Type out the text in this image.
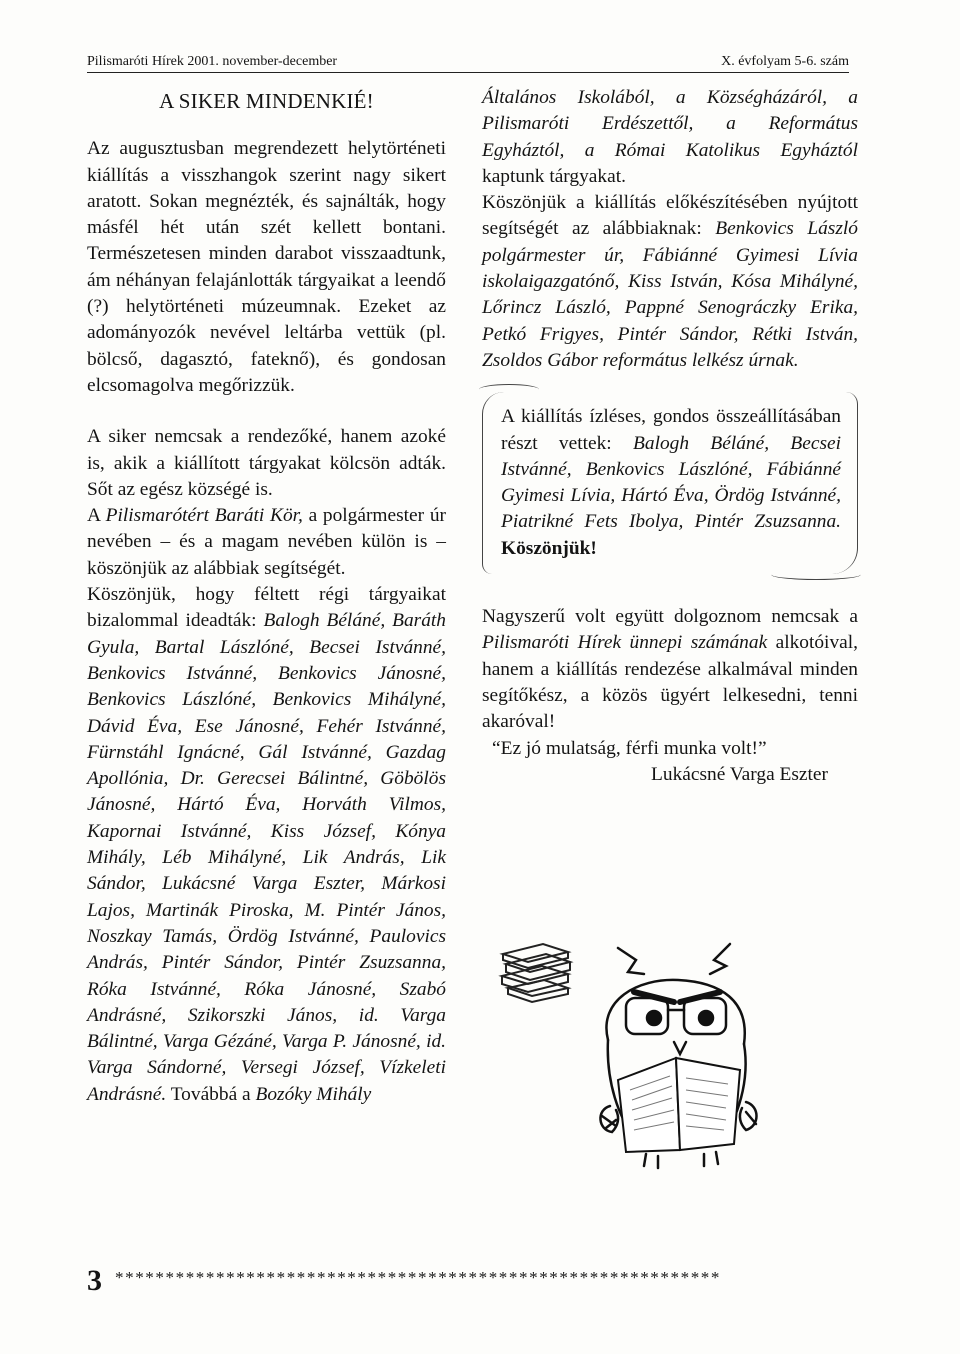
Pilismaróti Hírek 2001. november-december	X. évfolyam 5-6. szám
A SIKER MINDENKIÉ!

Az augusztusban megrendezett helytörténeti kiállítás a visszhangok szerint nagy sikert aratott. Sokan megnézték, és sajnálták, hogy másfél hét után szét kellett bontani. Természetesen minden darabot visszaadtunk, ám néhányan felajánlották tárgyaikat a leendő (?) helytörténeti múzeumnak. Ezeket az adományozók nevével leltárba vettük (pl. bölcső, dagasztó, fateknő), és gondosan elcsomagolva megőrizzük.

A siker nemcsak a rendezőké, hanem azoké is, akik a kiállított tárgyakat kölcsön adták. Sőt az egész községé is.

A Pilismarótért Baráti Kör, a polgármester úr nevében – és a magam nevében külön is – köszönjük az alábbiak segítségét.

Köszönjük, hogy féltett régi tárgyaikat bizalommal ideadták: Balogh Béláné, Baráth Gyula, Bartal Lászlóné, Becsei Istvánné, Benkovics Istvánné, Benkovics Jánosné, Benkovics Lászlóné, Benkovics Mihályné, Dávid Éva, Ese Jánosné, Fehér Istvánné, Fürnstáhl Ignácné, Gál Istvánné, Gazdag Apollónia, Dr. Gerecsei Bálintné, Göbölös Jánosné, Hártó Éva, Horváth Vilmos, Kapornai Istvánné, Kiss József, Kónya Mihály, Léb Mihályné, Lik András, Lik Sándor, Lukácsné Varga Eszter, Márkosi Lajos, Martinák Piroska, M. Pintér János, Noszkay Tamás, Ördög Istvánné, Paulovics András, Pintér Sándor, Pintér Zsuzsanna, Róka Istvánné, Róka Jánosné, Szabó Andrásné, Szikorszki János, id. Varga Bálintné, Varga Gézáné, Varga P. Jánosné, id. Varga Sándorné, Versegi József, Vízkeleti Andrásné. Továbbá a Bozóky Mihály

Általános Iskolából, a Községházáról, a Pilismaróti Erdészettől, a Református Egyháztól, a Római Katolikus Egyháztól kaptunk tárgyakat.

Köszönjük a kiállítás előkészítésében nyújtott segítségét az alábbiaknak: Benkovics László polgármester úr, Fábiánné Gyimesi Lívia iskolaigazgatónő, Kiss István, Kósa Mihályné, Lőrincz László, Pappné Senográczky Erika, Petkó Frigyes, Pintér Sándor, Rétki István, Zsoldos Gábor református lelkész úrnak.

A kiállítás ízléses, gondos összeállításában részt vettek: Balogh Béláné, Becsei Istvánné, Benkovics Lászlóné, Fábiánné Gyimesi Lívia, Hártó Éva, Ördög Istvánné, Piatrikné Fets Ibolya, Pintér Zsuzsanna. Köszönjük!

Nagyszerű volt együtt dolgoznom nemcsak a Pilismaróti Hírek ünnepi számának alkotóival, hanem a kiállítás rendezése alkalmával minden segítőkész, a közös ügyért lelkesedni, tenni akaróval!

“Ez jó mulatság, férfi munka volt!”

Lukácsné Varga Eszter

3 ************************************************************
